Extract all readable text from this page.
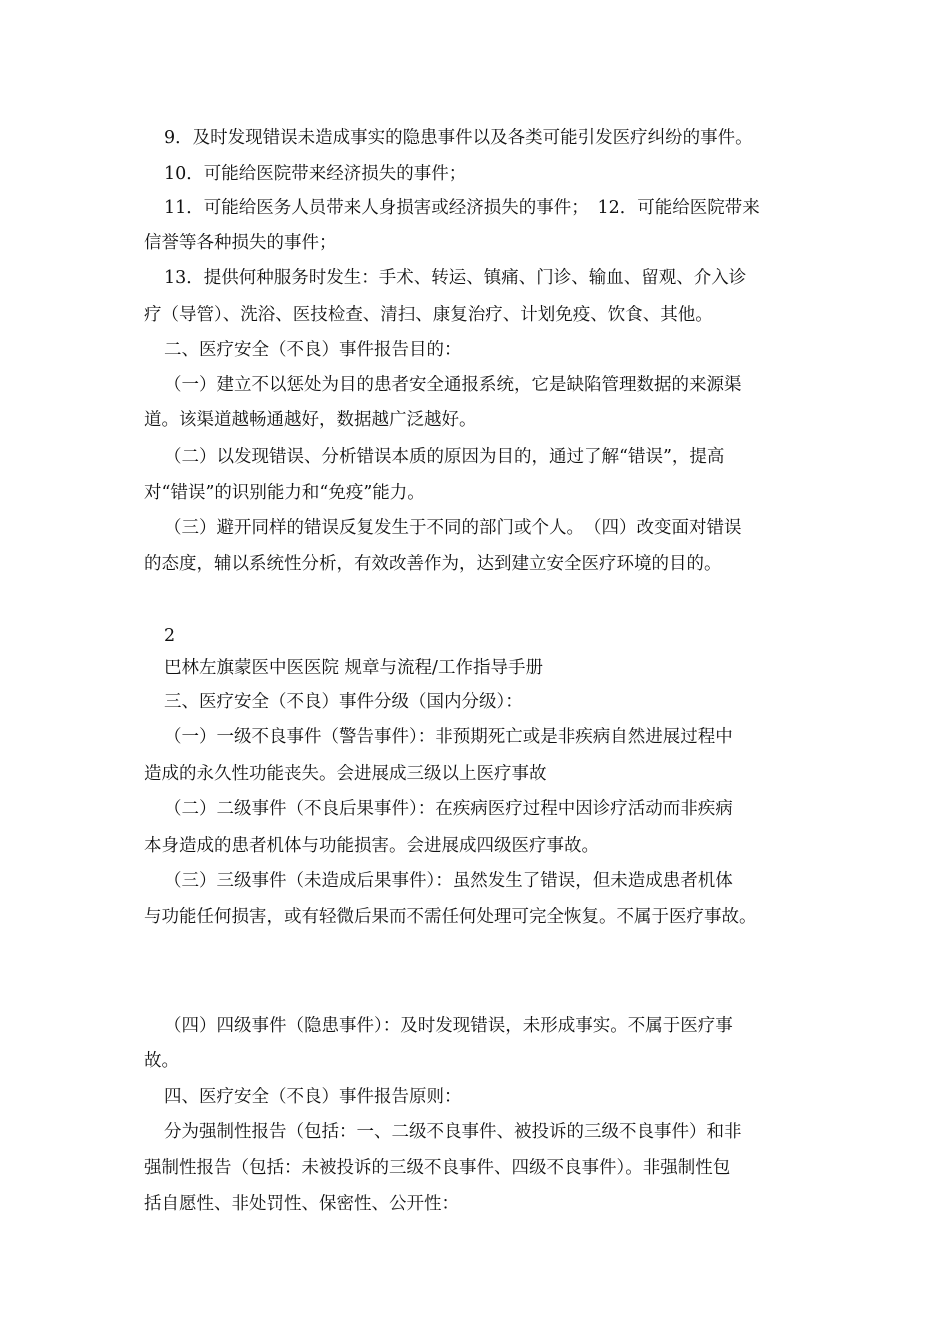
9．及时发现错误未造成事实的隐患事件以及各类可能引发医疗纠纷的事件。
10．可能给医院带来经济损失的事件；
11．可能给医务人员带来人身损害或经济损失的事件；　12．可能给医院带来
信誉等各种损失的事件；
13．提供何种服务时发生：手术、转运、镇痛、门诊、输血、留观、介入诊
疗（导管）、洗浴、医技检查、清扫、康复治疗、计划免疫、饮食、其他。
二、医疗安全（不良）事件报告目的：
（一）建立不以惩处为目的患者安全通报系统，它是缺陷管理数据的来源渠
道。该渠道越畅通越好，数据越广泛越好。
（二）以发现错误、分析错误本质的原因为目的，通过了解“错误”，提高
对“错误”的识别能力和“免疫”能力。
（三）避开同样的错误反复发生于不同的部门或个人。　（四）改变面对错误
的态度，辅以系统性分析，有效改善作为，达到建立安全医疗环境的目的。
2
巴林左旗蒙医中医医院 规章与流程/工作指导手册
三、医疗安全（不良）事件分级（国内分级）：
（一）一级不良事件（警告事件）：非预期死亡或是非疾病自然进展过程中
造成的永久性功能丧失。会进展成三级以上医疗事故
（二）二级事件（不良后果事件）：在疾病医疗过程中因诊疗活动而非疾病
本身造成的患者机体与功能损害。会进展成四级医疗事故。
（三）三级事件（未造成后果事件）：虽然发生了错误，但未造成患者机体
与功能任何损害，或有轻微后果而不需任何处理可完全恢复。不属于医疗事故。
（四）四级事件（隐患事件）：及时发现错误，未形成事实。不属于医疗事
故。
四、医疗安全（不良）事件报告原则：
分为强制性报告（包括：一、二级不良事件、被投诉的三级不良事件）和非
强制性报告（包括：未被投诉的三级不良事件、四级不良事件）。非强制性包
括自愿性、非处罚性、保密性、公开性：
